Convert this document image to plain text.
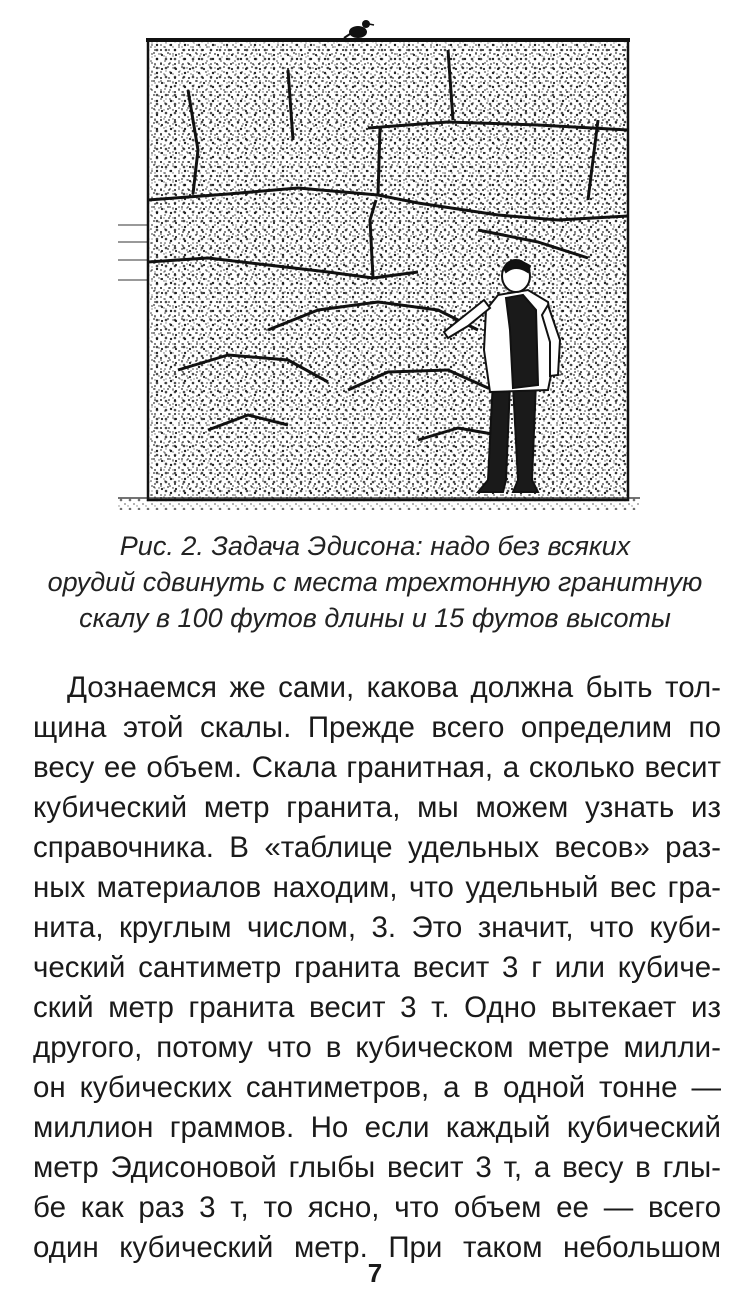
Рис. 2. Задача Эдисона: надо без всяких
орудий сдвинуть с места трехтонную гранитную
скалу в 100 футов длины и 15 футов высоты
Дознаемся же сами, какова должна быть тол-
щина этой скалы. Прежде всего определим по
весу ее объем. Скала гранитная, а сколько весит
кубический метр гранита, мы можем узнать из
справочника. В «таблице удельных весов» раз-
ных материалов находим, что удельный вес гра-
нита, круглым числом, 3. Это значит, что куби-
ческий сантиметр гранита весит 3 г или кубиче-
ский метр гранита весит 3 т. Одно вытекает из
другого, потому что в кубическом метре милли-
он кубических сантиметров, а в одной тонне —
миллион граммов. Но если каждый кубический
метр Эдисоновой глыбы весит 3 т, а весу в глы-
бе как раз 3 т, то ясно, что объем ее — всего
один кубический метр. При таком небольшом
7
